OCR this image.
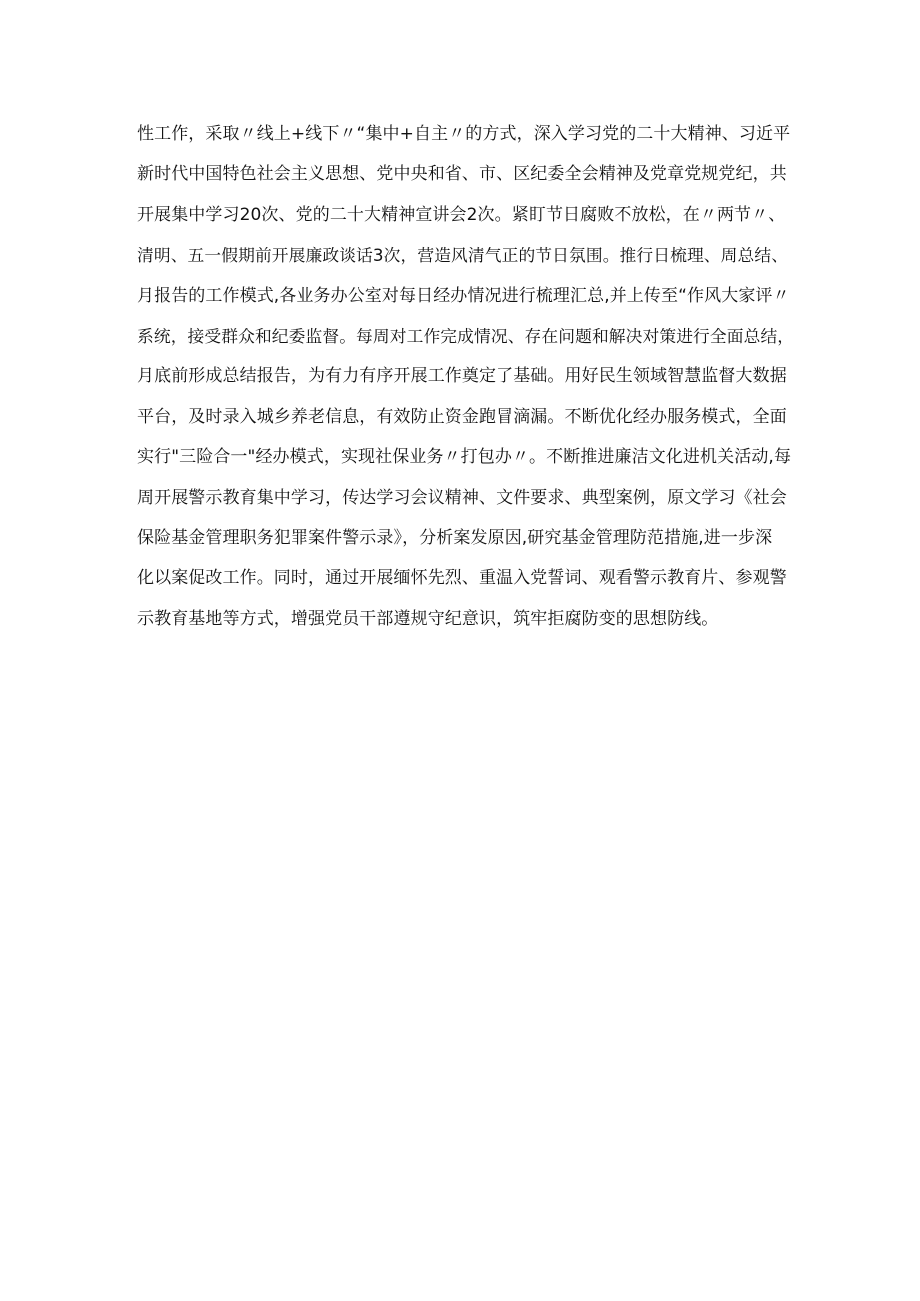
性工作，采取〃线上+线下〃“集中+自主〃的方式，深入学习党的二十大精神、习近平
新时代中国特色社会主义思想、党中央和省、市、区纪委全会精神及党章党规党纪，共
开展集中学习20次、党的二十大精神宣讲会2次。紧盯节日腐败不放松，在〃两节〃、
清明、五一假期前开展廉政谈话3次，营造风清气正的节日氛围。推行日梳理、周总结、
月报告的工作模式,各业务办公室对每日经办情况进行梳理汇总,并上传至“作风大家评〃
系统，接受群众和纪委监督。每周对工作完成情况、存在问题和解决对策进行全面总结，
月底前形成总结报告，为有力有序开展工作奠定了基础。用好民生领域智慧监督大数据
平台，及时录入城乡养老信息，有效防止资金跑冒滴漏。不断优化经办服务模式，全面
实行"三险合一"经办模式，实现社保业务〃打包办〃。不断推进廉洁文化进机关活动,每
周开展警示教育集中学习，传达学习会议精神、文件要求、典型案例，原文学习《社会
保险基金管理职务犯罪案件警示录》，分析案发原因,研究基金管理防范措施,进一步深
化以案促改工作。同时，通过开展缅怀先烈、重温入党誓词、观看警示教育片、参观警
示教育基地等方式，增强党员干部遵规守纪意识，筑牢拒腐防变的思想防线。
